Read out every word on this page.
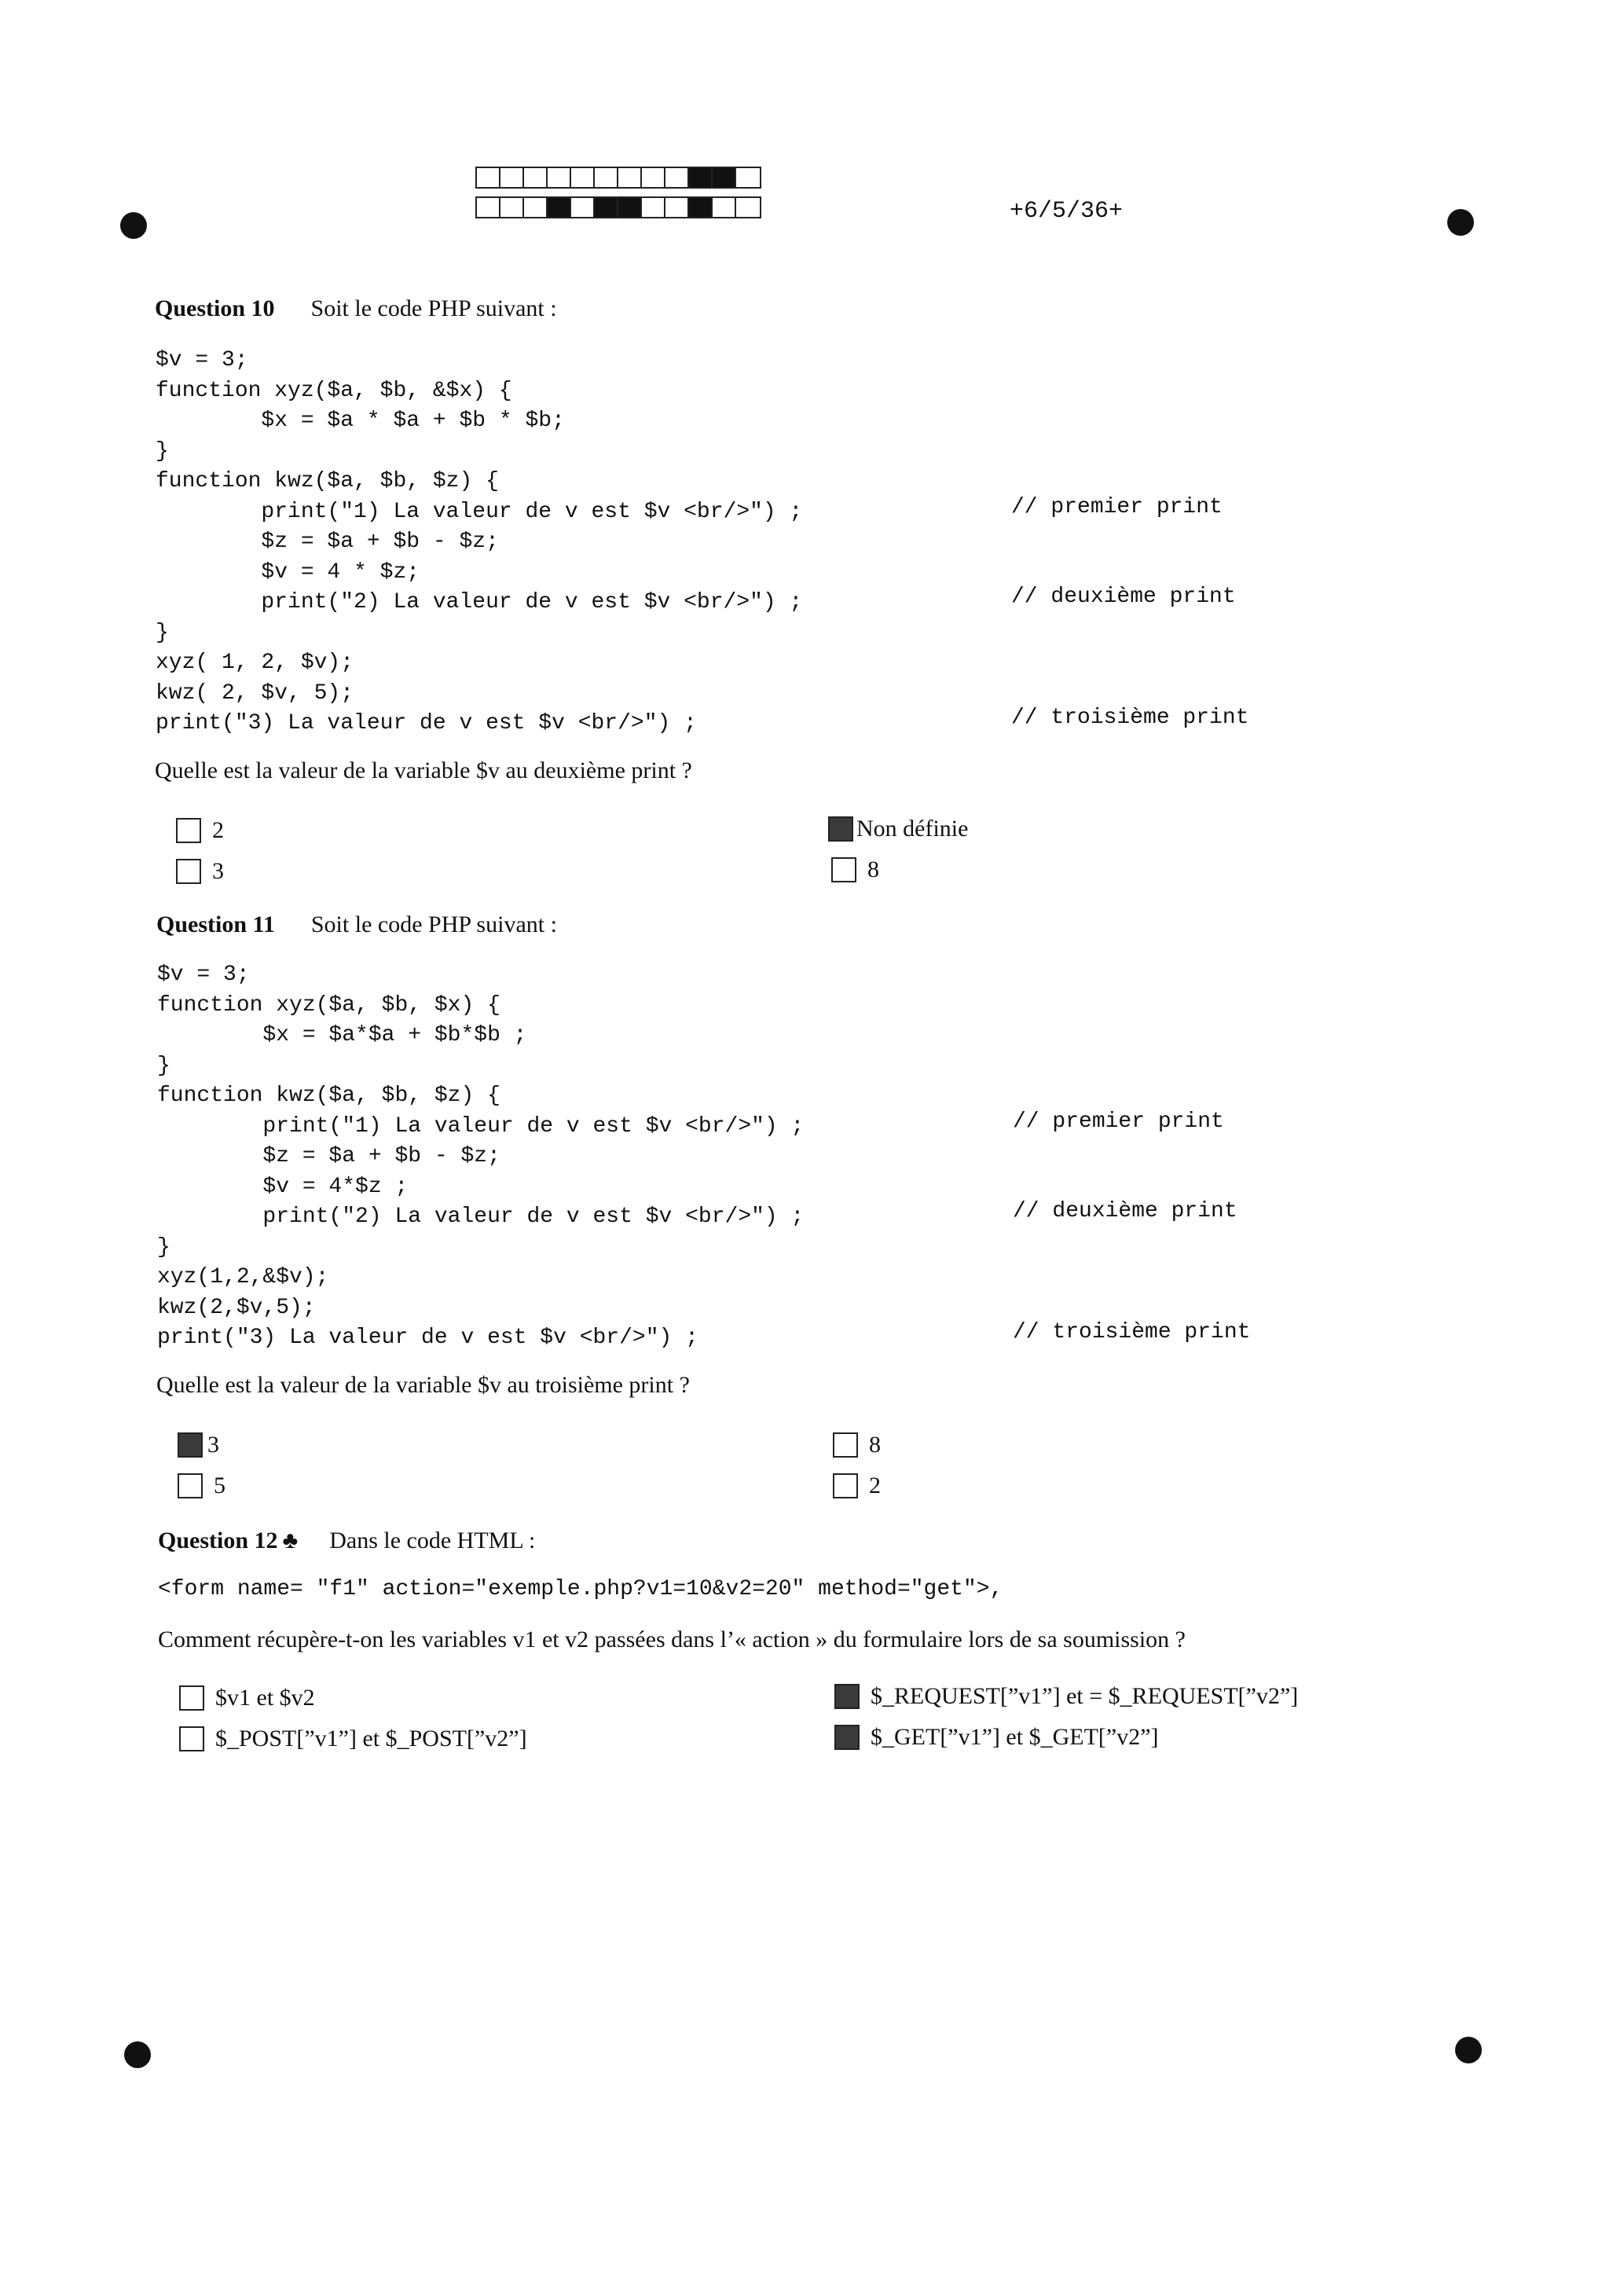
+6/5/36+
Question 10 Soit le code PHP suivant :
$v = 3;
function xyz($a, $b, &$x) {
$x = $a * $a + $b * $b;
}
function kwz($a, $b, $z) {
print("1) La valeur de v est $v <br/>") ;
$z = $a + $b - $z;
$v = 4 * $z;
print("2) La valeur de v est $v <br/>") ;
}
xyz( 1, 2, $v);
kwz( 2, $v, 5);
print("3) La valeur de v est $v <br/>") ;
// premier print
// deuxième print
// troisième print
Quelle est la valeur de la variable $v au deuxième print ?
2
3
Non définie
8
Question 11 Soit le code PHP suivant :
$v = 3;
function xyz($a, $b, $x) {
$x = $a*$a + $b*$b ;
}
function kwz($a, $b, $z) {
print("1) La valeur de v est $v <br/>") ;
$z = $a + $b - $z;
$v = 4*$z ;
print("2) La valeur de v est $v <br/>") ;
}
xyz(1,2,&$v);
kwz(2,$v,5);
print("3) La valeur de v est $v <br/>") ;
// premier print
// deuxième print
// troisième print
Quelle est la valeur de la variable $v au troisième print ?
3
5
8
2
Question 12 ♣ Dans le code HTML :
<form name= "f1" action="exemple.php?v1=10&v2=20" method="get">,
Comment récupère-t-on les variables v1 et v2 passées dans l’« action » du formulaire lors de sa soumission ?
$v1 et $v2
$_POST[”v1”] et $_POST[”v2”]
$_REQUEST[”v1”] et = $_REQUEST[”v2”]
$_GET[”v1”] et $_GET[”v2”]
